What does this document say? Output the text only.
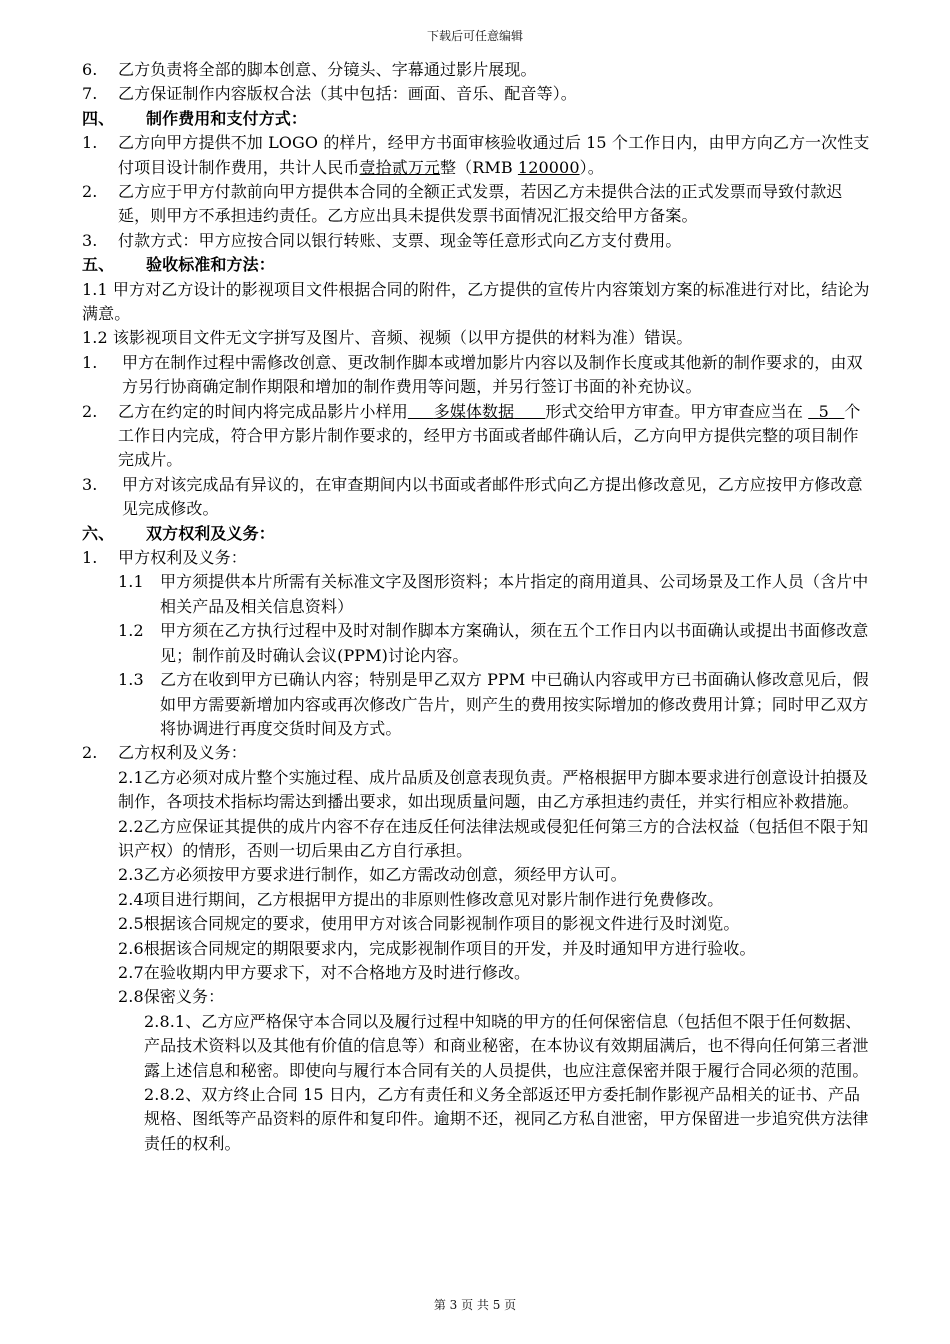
下载后可任意编辑
6. 乙方负责将全部的脚本创意、分镜头、字幕通过影片展现。
7. 乙方保证制作内容版权合法（其中包括：画面、音乐、配音等）。
四、 制作费用和支付方式：
1. 乙方向甲方提供不加 LOGO 的样片，经甲方书面审核验收通过后 15 个工作日内，由甲方向乙方一次性支付项目设计制作费用，共计人民币壹拾贰万元整（RMB 120000）。
2. 乙方应于甲方付款前向甲方提供本合同的全额正式发票，若因乙方未提供合法的正式发票而导致付款迟延，则甲方不承担违约责任。乙方应出具未提供发票书面情况汇报交给甲方备案。
3. 付款方式：甲方应按合同以银行转账、支票、现金等任意形式向乙方支付费用。
五、 验收标准和方法：
1.1 甲方对乙方设计的影视项目文件根据合同的附件，乙方提供的宣传片内容策划方案的标准进行对比，结论为满意。
1.2 该影视项目文件无文字拼写及图片、音频、视频（以甲方提供的材料为准）错误。
1. 甲方在制作过程中需修改创意、更改制作脚本或增加影片内容以及制作长度或其他新的制作要求的，由双方另行协商确定制作期限和增加的制作费用等问题，并另行签订书面的补充协议。
2. 乙方在约定的时间内将完成品影片小样用 多媒体数据 形式交给甲方审查。甲方审查应当在 5 个工作日内完成，符合甲方影片制作要求的，经甲方书面或者邮件确认后，乙方向甲方提供完整的项目制作完成片。
3. 甲方对该完成品有异议的，在审查期间内以书面或者邮件形式向乙方提出修改意见，乙方应按甲方修改意见完成修改。
六、 双方权利及义务：
1. 甲方权利及义务：
1.1 甲方须提供本片所需有关标准文字及图形资料；本片指定的商用道具、公司场景及工作人员（含片中相关产品及相关信息资料）
1.2 甲方须在乙方执行过程中及时对制作脚本方案确认，须在五个工作日内以书面确认或提出书面修改意见；制作前及时确认会议(PPM)讨论内容。
1.3 乙方在收到甲方已确认内容；特别是甲乙双方 PPM 中已确认内容或甲方已书面确认修改意见后，假如甲方需要新增加内容或再次修改广告片，则产生的费用按实际增加的修改费用计算；同时甲乙双方将协调进行再度交货时间及方式。
2. 乙方权利及义务：
2.1乙方必须对成片整个实施过程、成片品质及创意表现负责。严格根据甲方脚本要求进行创意设计拍摄及制作，各项技术指标均需达到播出要求，如出现质量问题，由乙方承担违约责任，并实行相应补救措施。
2.2乙方应保证其提供的成片内容不存在违反任何法律法规或侵犯任何第三方的合法权益（包括但不限于知识产权）的情形，否则一切后果由乙方自行承担。
2.3乙方必须按甲方要求进行制作，如乙方需改动创意，须经甲方认可。
2.4项目进行期间，乙方根据甲方提出的非原则性修改意见对影片制作进行免费修改。
2.5根据该合同规定的要求，使用甲方对该合同影视制作项目的影视文件进行及时浏览。
2.6根据该合同规定的期限要求内，完成影视制作项目的开发，并及时通知甲方进行验收。
2.7在验收期内甲方要求下，对不合格地方及时进行修改。
2.8保密义务：
2.8.1、乙方应严格保守本合同以及履行过程中知晓的甲方的任何保密信息（包括但不限于任何数据、产品技术资料以及其他有价值的信息等）和商业秘密，在本协议有效期届满后，也不得向任何第三者泄露上述信息和秘密。即使向与履行本合同有关的人员提供，也应注意保密并限于履行合同必须的范围。
2.8.2、双方终止合同 15 日内，乙方有责任和义务全部返还甲方委托制作影视产品相关的证书、产品规格、图纸等产品资料的原件和复印件。逾期不还，视同乙方私自泄密，甲方保留进一步追究供方法律责任的权利。
第 3 页 共 5 页
